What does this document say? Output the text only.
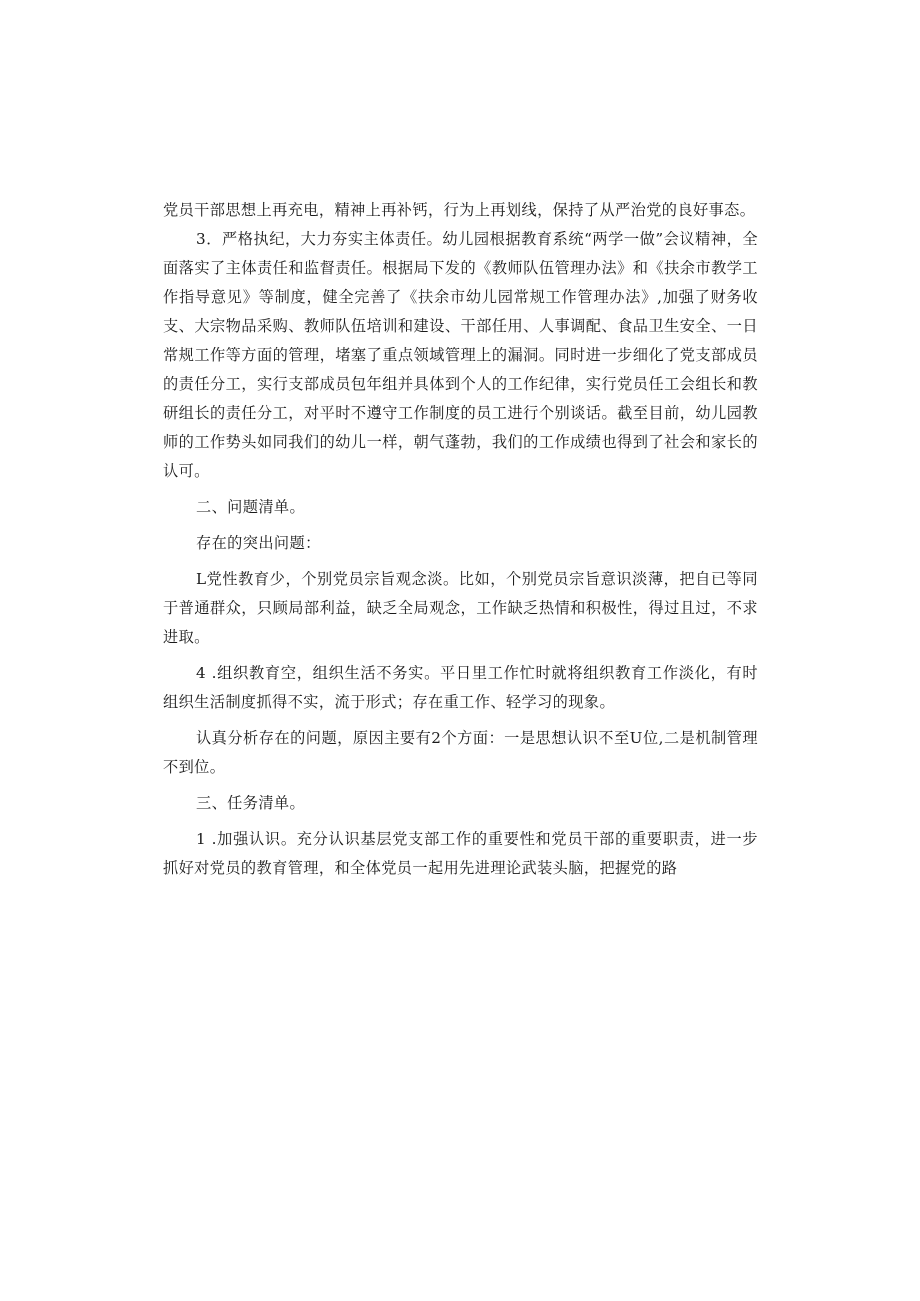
党员干部思想上再充电，精神上再补钙，行为上再划线，保持了从严治党的良好事态。

3．严格执纪，大力夯实主体责任。幼儿园根据教育系统“两学一做”会议精神，全面落实了主体责任和监督责任。根据局下发的《教师队伍管理办法》和《扶余市教学工作指导意见》等制度，健全完善了《扶余市幼儿园常规工作管理办法》,加强了财务收支、大宗物品采购、教师队伍培训和建设、干部任用、人事调配、食品卫生安全、一日常规工作等方面的管理，堵塞了重点领域管理上的漏洞。同时进一步细化了党支部成员的责任分工，实行支部成员包年组并具体到个人的工作纪律，实行党员任工会组长和教研组长的责任分工，对平时不遵守工作制度的员工进行个别谈话。截至目前，幼儿园教师的工作势头如同我们的幼儿一样，朝气蓬勃，我们的工作成绩也得到了社会和家长的认可。

二、问题清单。

存在的突出问题：

L党性教育少，个别党员宗旨观念淡。比如，个别党员宗旨意识淡薄，把自已等同于普通群众，只顾局部利益，缺乏全局观念，工作缺乏热情和积极性，得过且过，不求进取。

4 .组织教育空，组织生活不务实。平日里工作忙时就将组织教育工作淡化，有时组织生活制度抓得不实，流于形式；存在重工作、轻学习的现象。

认真分析存在的问题，原因主要有2个方面：一是思想认识不至U位,二是机制管理不到位。

三、任务清单。

1 .加强认识。充分认识基层党支部工作的重要性和党员干部的重要职责，进一步抓好对党员的教育管理，和全体党员一起用先进理论武装头脑，把握党的路
